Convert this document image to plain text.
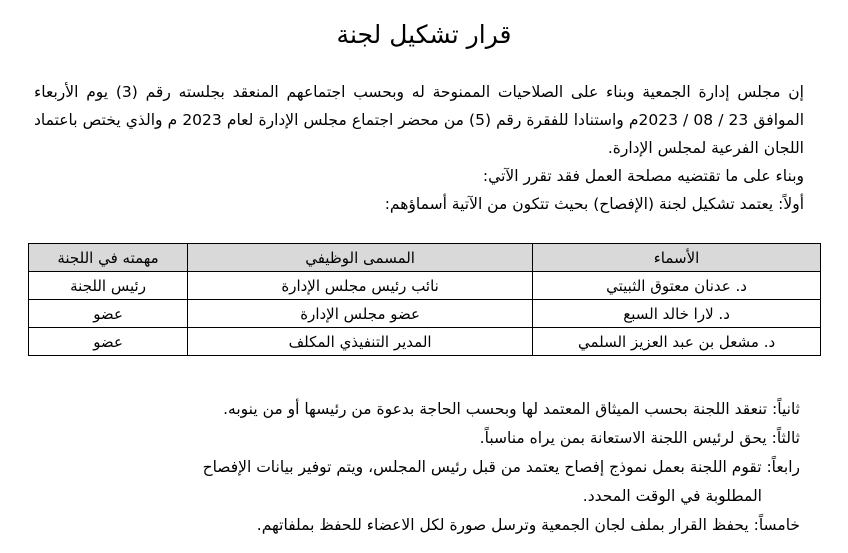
قرار تشكيل لجنة

إن مجلس إدارة الجمعية وبناء على الصلاحيات الممنوحة له وبحسب اجتماعهم المنعقد بجلسته رقم (3) يوم الأربعاء الموافق 23 / 08 / 2023م واستنادا للفقرة رقم (5) من محضر اجتماع مجلس الإدارة لعام 2023 م والذي يختص باعتماد اللجان الفرعية لمجلس الإدارة.

وبناء على ما تقتضيه مصلحة العمل فقد تقرر الآتي:

أولاً: يعتمد تشكيل لجنة (الإفصاح) بحيث تتكون من الآتية أسماؤهم:

الأسماء	المسمى الوظيفي	مهمته في اللجنة
د. عدنان معتوق الثبيتي	نائب رئيس مجلس الإدارة	رئيس اللجنة
د. لارا خالد السبع	عضو مجلس الإدارة	عضو
د. مشعل بن عبد العزيز السلمي	المدير التنفيذي المكلف	عضو

ثانياً: تنعقد اللجنة بحسب الميثاق المعتمد لها وبحسب الحاجة بدعوة من رئيسها أو من ينوبه.

ثالثاً: يحق لرئيس اللجنة الاستعانة بمن يراه مناسباً.

رابعاً: تقوم اللجنة بعمل نموذج إفصاح يعتمد من قبل رئيس المجلس، ويتم توفير بيانات الإفصاح

المطلوبة في الوقت المحدد.

خامساً: يحفظ القرار بملف لجان الجمعية وترسل صورة لكل الاعضاء للحفظ بملفاتهم.
